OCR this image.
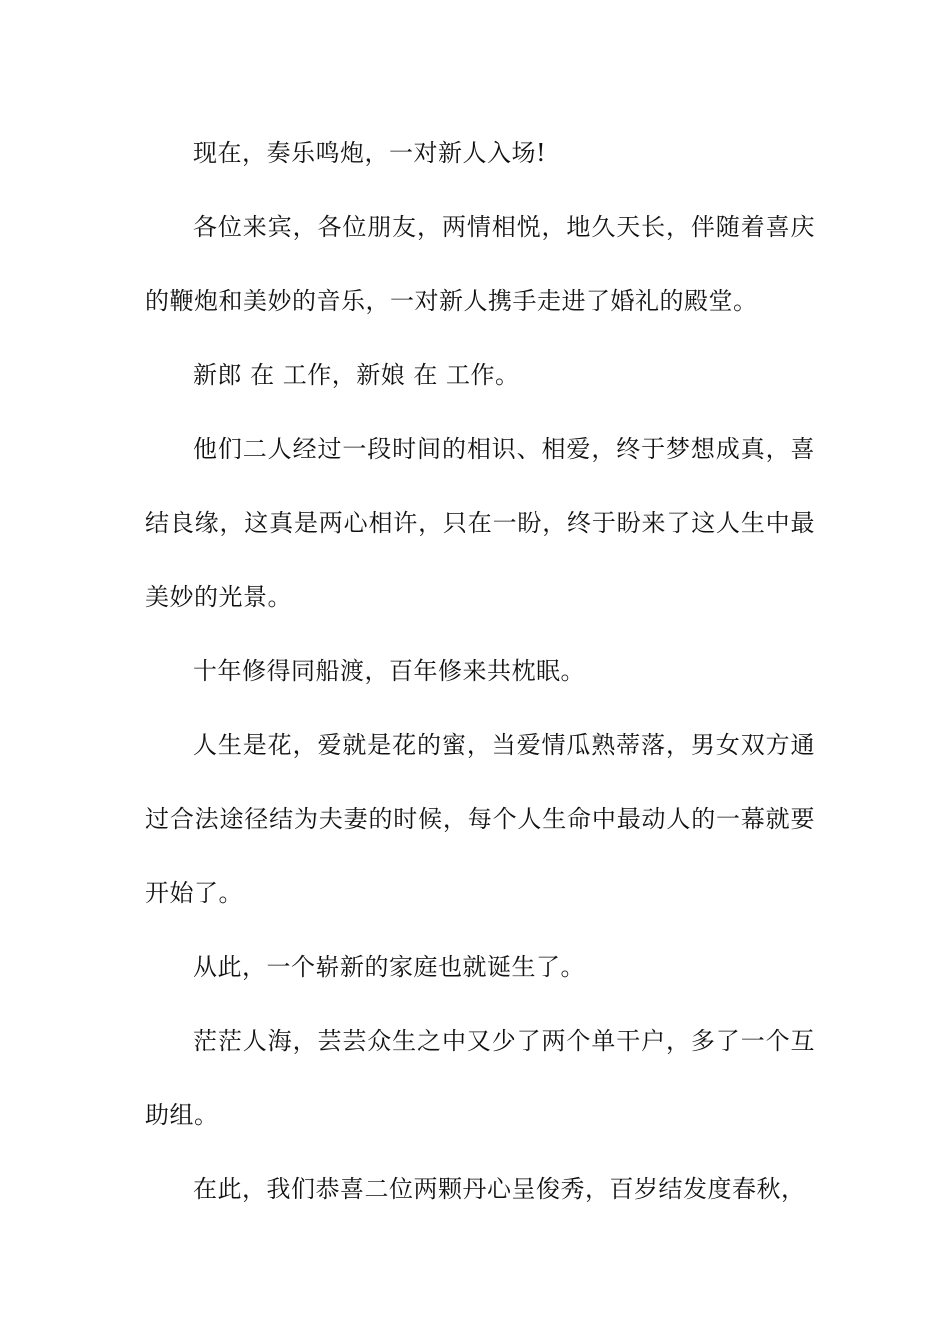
现在，奏乐鸣炮，一对新人入场!

各位来宾，各位朋友，两情相悦，地久天长，伴随着喜庆的鞭炮和美妙的音乐，一对新人携手走进了婚礼的殿堂。

新郎 在 工作，新娘 在 工作。

他们二人经过一段时间的相识、相爱，终于梦想成真，喜结良缘，这真是两心相许，只在一盼，终于盼来了这人生中最美妙的光景。

十年修得同船渡，百年修来共枕眠。

人生是花，爱就是花的蜜，当爱情瓜熟蒂落，男女双方通过合法途径结为夫妻的时候，每个人生命中最动人的一幕就要开始了。

从此，一个崭新的家庭也就诞生了。

茫茫人海，芸芸众生之中又少了两个单干户，多了一个互助组。

在此，我们恭喜二位两颗丹心呈俊秀，百岁结发度春秋，
